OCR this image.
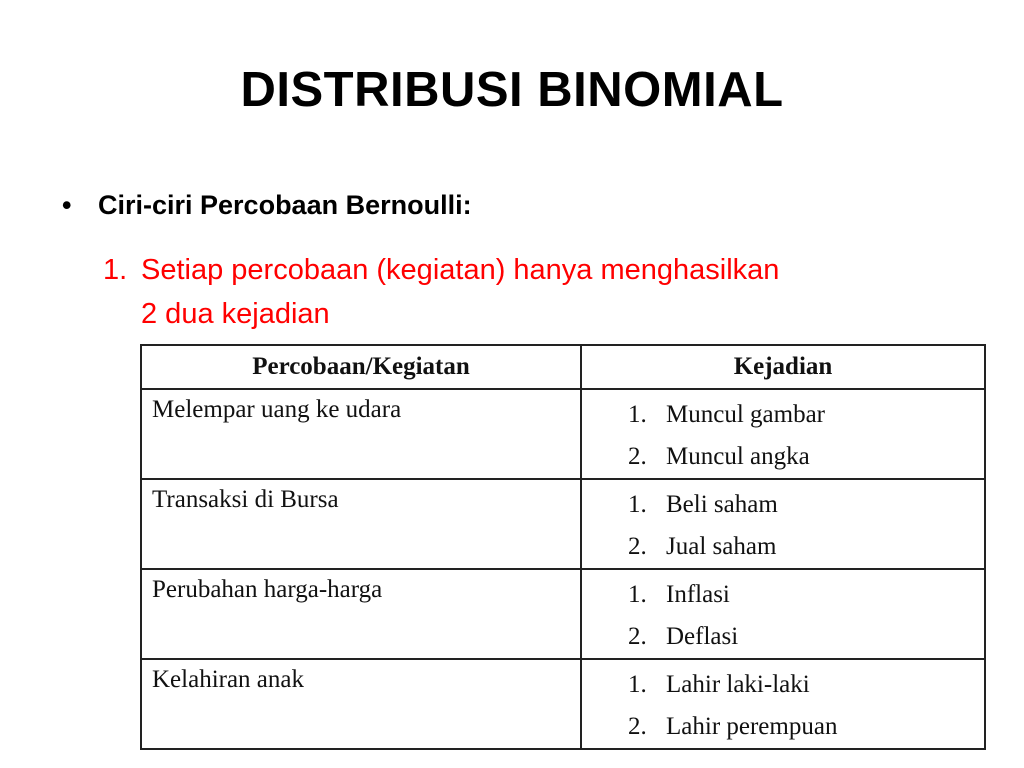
DISTRIBUSI BINOMIAL
• Ciri-ciri Percobaan Bernoulli:
1. Setiap percobaan (kegiatan) hanya menghasilkan
2 dua kejadian
Percobaan/Kegiatan	Kejadian
Melempar uang ke udara	1. Muncul gambar
2. Muncul angka

Transaksi di Bursa	1. Beli saham
2. Jual saham

Perubahan harga-harga	1. Inflasi
2. Deflasi

Kelahiran anak	1. Lahir laki-laki
2. Lahir perempuan
